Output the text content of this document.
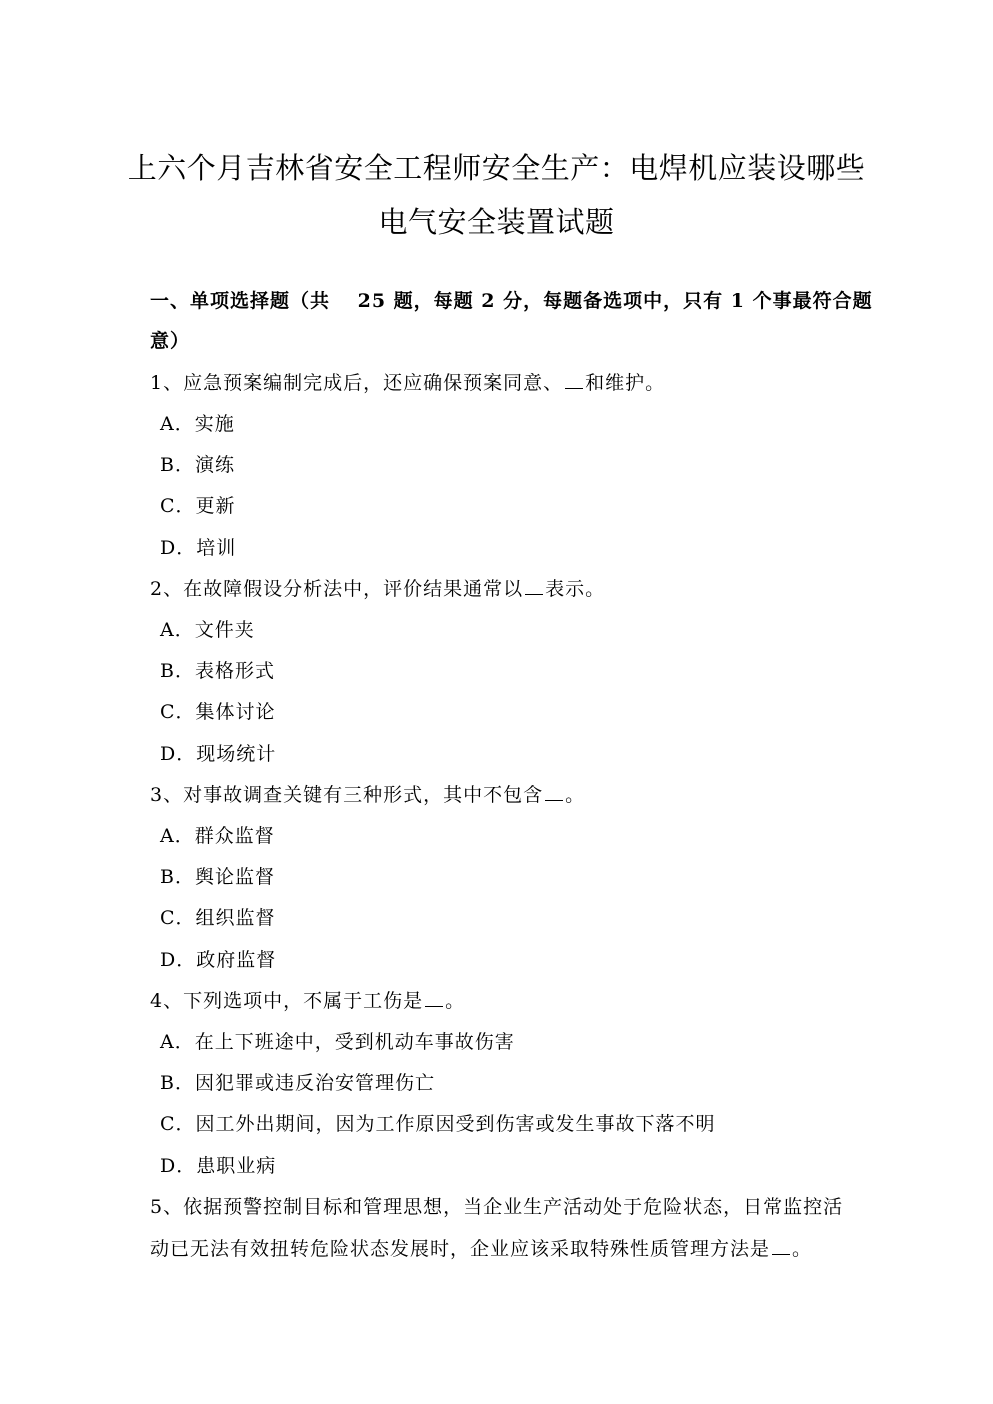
上六个月吉林省安全工程师安全生产：电焊机应装设哪些
电气安全装置试题
一、单项选择题（共 　25 题，每题 2 分，每题备选项中，只有 1 个事最符合题
意）
1、应急预案编制完成后，还应确保预案同意、 和维护。
A．实施
B．演练
C．更新
D．培训
2、在故障假设分析法中，评价结果通常以 表示。
A．文件夹
B．表格形式
C．集体讨论
D．现场统计
3、对事故调查关键有三种形式，其中不包含 。
A．群众监督
B．舆论监督
C．组织监督
D．政府监督
4、下列选项中，不属于工伤是 。
A．在上下班途中，受到机动车事故伤害
B．因犯罪或违反治安管理伤亡
C．因工外出期间，因为工作原因受到伤害或发生事故下落不明
D．患职业病
5、依据预警控制目标和管理思想，当企业生产活动处于危险状态，日常监控活
动已无法有效扭转危险状态发展时，企业应该采取特殊性质管理方法是 。
